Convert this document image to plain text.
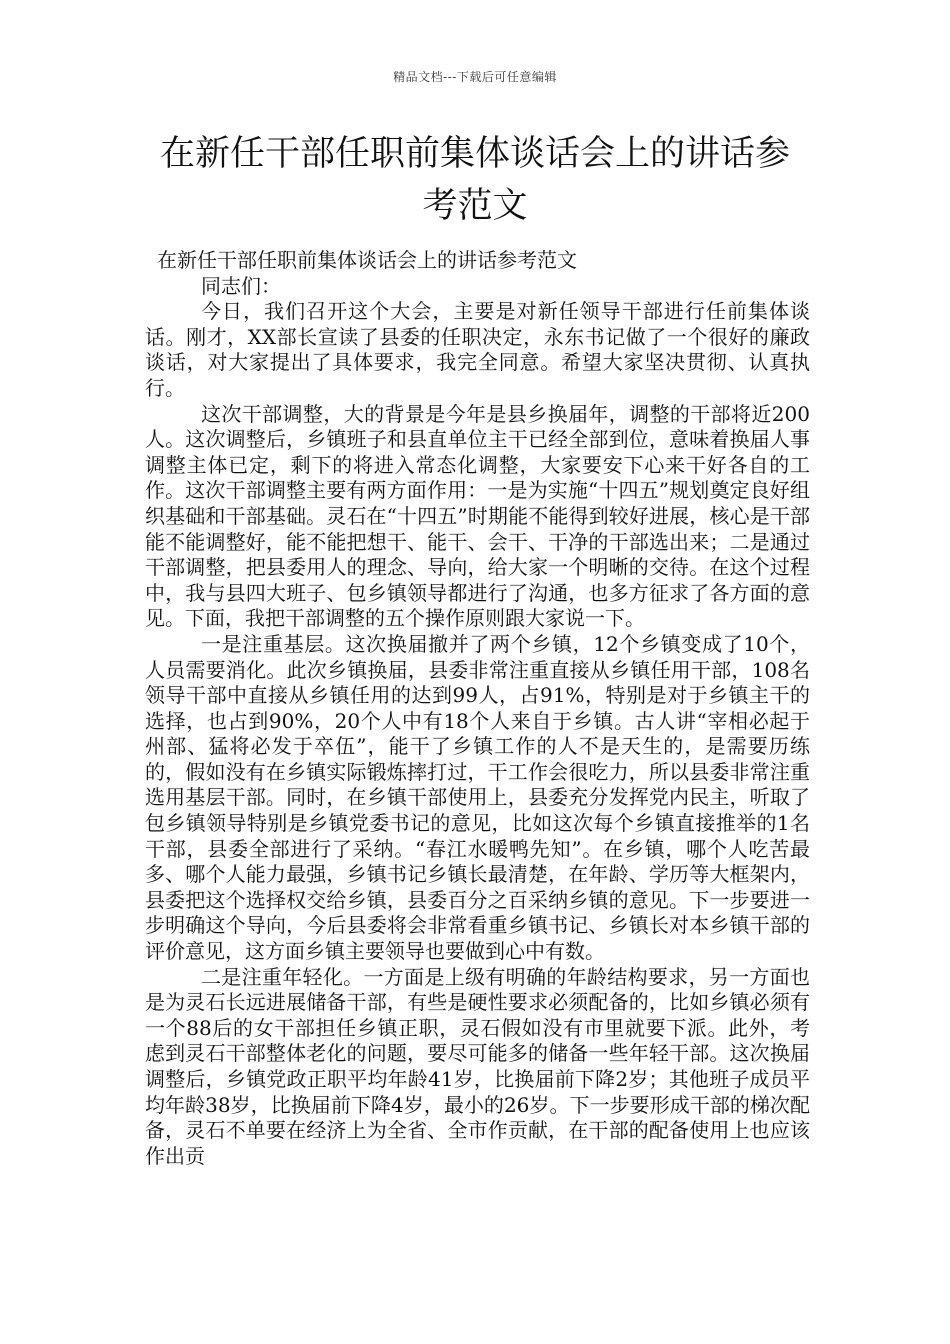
精品文档---下载后可任意编辑
在新任干部任职前集体谈话会上的讲话参考范文

在新任干部任职前集体谈话会上的讲话参考范文

同志们：

今日，我们召开这个大会，主要是对新任领导干部进行任前集体谈话。刚才，XX部长宣读了县委的任职决定，永东书记做了一个很好的廉政谈话，对大家提出了具体要求，我完全同意。希望大家坚决贯彻、认真执行。

这次干部调整，大的背景是今年是县乡换届年，调整的干部将近200人。这次调整后，乡镇班子和县直单位主干已经全部到位，意味着换届人事调整主体已定，剩下的将进入常态化调整，大家要安下心来干好各自的工作。这次干部调整主要有两方面作用：一是为实施“十四五”规划奠定良好组织基础和干部基础。灵石在“十四五”时期能不能得到较好进展，核心是干部能不能调整好，能不能把想干、能干、会干、干净的干部选出来；二是通过干部调整，把县委用人的理念、导向，给大家一个明晰的交待。在这个过程中，我与县四大班子、包乡镇领导都进行了沟通，也多方征求了各方面的意见。下面，我把干部调整的五个操作原则跟大家说一下。

一是注重基层。这次换届撤并了两个乡镇，12个乡镇变成了10个，人员需要消化。此次乡镇换届，县委非常注重直接从乡镇任用干部，108名领导干部中直接从乡镇任用的达到99人，占91%，特别是对于乡镇主干的选择，也占到90%，20个人中有18个人来自于乡镇。古人讲“宰相必起于州部、猛将必发于卒伍”，能干了乡镇工作的人不是天生的，是需要历练的，假如没有在乡镇实际锻炼摔打过，干工作会很吃力，所以县委非常注重选用基层干部。同时，在乡镇干部使用上，县委充分发挥党内民主，听取了包乡镇领导特别是乡镇党委书记的意见，比如这次每个乡镇直接推举的1名干部，县委全部进行了采纳。“春江水暖鸭先知”。在乡镇，哪个人吃苦最多、哪个人能力最强，乡镇书记乡镇长最清楚，在年龄、学历等大框架内，县委把这个选择权交给乡镇，县委百分之百采纳乡镇的意见。下一步要进一步明确这个导向，今后县委将会非常看重乡镇书记、乡镇长对本乡镇干部的评价意见，这方面乡镇主要领导也要做到心中有数。

二是注重年轻化。一方面是上级有明确的年龄结构要求，另一方面也是为灵石长远进展储备干部，有些是硬性要求必须配备的，比如乡镇必须有一个88后的女干部担任乡镇正职，灵石假如没有市里就要下派。此外，考虑到灵石干部整体老化的问题，要尽可能多的储备一些年轻干部。这次换届调整后，乡镇党政正职平均年龄41岁，比换届前下降2岁；其他班子成员平均年龄38岁，比换届前下降4岁，最小的26岁。下一步要形成干部的梯次配备，灵石不单要在经济上为全省、全市作贡献，在干部的配备使用上也应该作出贡
